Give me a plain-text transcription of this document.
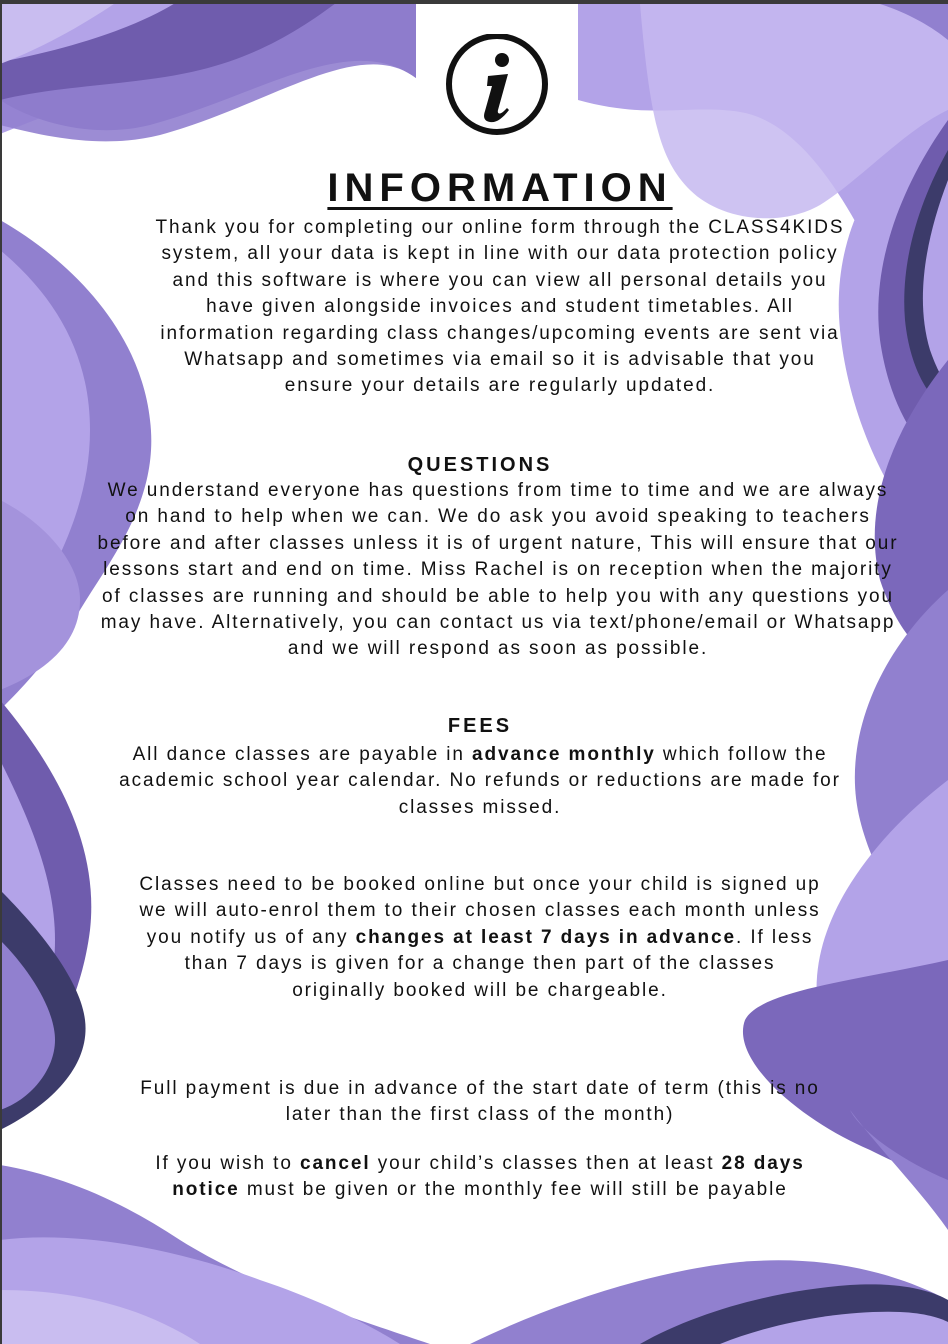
INFORMATION

Thank you for completing our online form through the CLASS4KIDS system, all your data is kept in line with our data protection policy and this software is where you can view all personal details you have given alongside invoices and student timetables. All information regarding class changes/upcoming events are sent via Whatsapp and sometimes via email so it is advisable that you ensure your details are regularly updated.

QUESTIONS

We understand everyone has questions from time to time and we are always on hand to help when we can. We do ask you avoid speaking to teachers before and after classes unless it is of urgent nature, This will ensure that our lessons start and end on time. Miss Rachel is on reception when the majority of classes are running and should be able to help you with any questions you may have. Alternatively, you can contact us via text/phone/email or Whatsapp and we will respond as soon as possible.

FEES

All dance classes are payable in advance monthly which follow the academic school year calendar. No refunds or reductions are made for classes missed.

Classes need to be booked online but once your child is signed up we will auto-enrol them to their chosen classes each month unless you notify us of any changes at least 7 days in advance. If less than 7 days is given for a change then part of the classes originally booked will be chargeable.

Full payment is due in advance of the start date of term (this is no later than the first class of the month)

If you wish to cancel your child’s classes then at least 28 days notice must be given or the monthly fee will still be payable
